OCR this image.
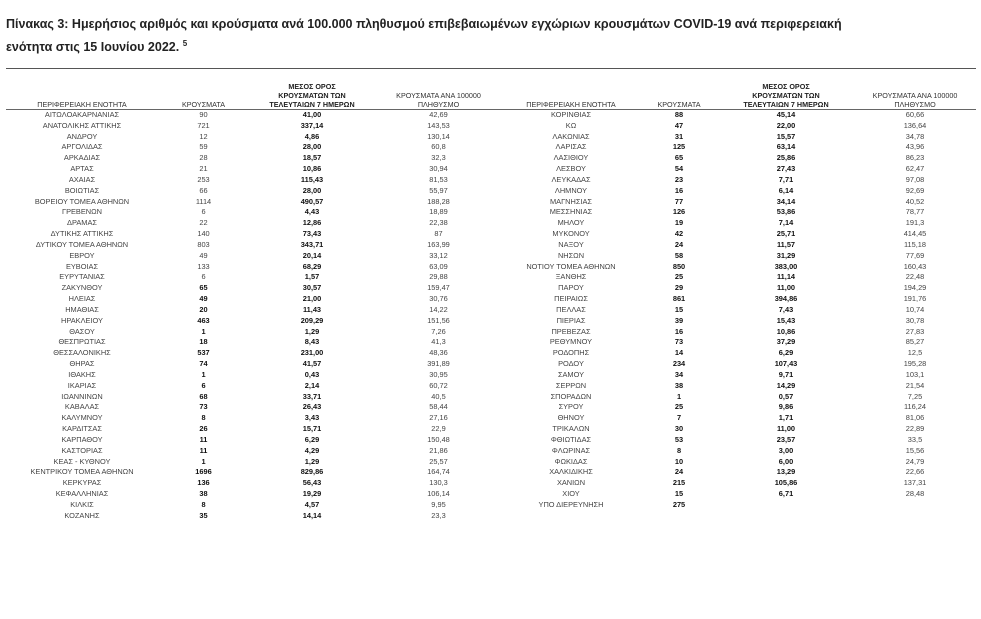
Πίνακας 3: Ημερήσιος αριθμός και κρούσματα ανά 100.000 πληθυσμού επιβεβαιωμένων εγχώριων κρουσμάτων COVID-19 ανά περιφερειακή
ενότητα στις 15 Ιουνίου 2022. $^5$
ΠΕΡΙΦΕΡΕΙΑΚΗ ΕΝΟΤΗΤΑ	ΚΡΟΥΣΜΑΤΑ	ΜΕΣΟΣ ΟΡΟΣ
ΚΡΟΥΣΜΑΤΩΝ ΤΩΝ
ΤΕΛΕΥΤΑΙΩΝ 7 ΗΜΕΡΩΝ	ΚΡΟΥΣΜΑΤΑ ΑΝΑ 100000
ΠΛΗΘΥΣΜΟ
ΑΙΤΩΛΟΑΚΑΡΝΑΝΙΑΣ	90	41,00	42,69
ΑΝΑΤΟΛΙΚΗΣ ΑΤΤΙΚΗΣ	721	337,14	143,53
ΑΝΔΡΟΥ	12	4,86	130,14
ΑΡΓΟΛΙΔΑΣ	59	28,00	60,8
ΑΡΚΑΔΙΑΣ	28	18,57	32,3
ΑΡΤΑΣ	21	10,86	30,94
ΑΧΑΙΑΣ	253	115,43	81,53
ΒΟΙΩΤΙΑΣ	66	28,00	55,97
ΒΟΡΕΙΟΥ ΤΟΜΕΑ ΑΘΗΝΩΝ	1114	490,57	188,28
ΓΡΕΒΕΝΩΝ	6	4,43	18,89
ΔΡΑΜΑΣ	22	12,86	22,38
ΔΥΤΙΚΗΣ ΑΤΤΙΚΗΣ	140	73,43	87
ΔΥΤΙΚΟΥ ΤΟΜΕΑ ΑΘΗΝΩΝ	803	343,71	163,99
ΕΒΡΟΥ	49	20,14	33,12
ΕΥΒΟΙΑΣ	133	68,29	63,09
ΕΥΡΥΤΑΝΙΑΣ	6	1,57	29,88
ΖΑΚΥΝΘΟΥ	65	30,57	159,47
ΗΛΕΙΑΣ	49	21,00	30,76
ΗΜΑΘΙΑΣ	20	11,43	14,22
ΗΡΑΚΛΕΙΟΥ	463	209,29	151,56
ΘΑΣΟΥ	1	1,29	7,26
ΘΕΣΠΡΩΤΙΑΣ	18	8,43	41,3
ΘΕΣΣΑΛΟΝΙΚΗΣ	537	231,00	48,36
ΘΗΡΑΣ	74	41,57	391,89
ΙΘΑΚΗΣ	1	0,43	30,95
ΙΚΑΡΙΑΣ	6	2,14	60,72
ΙΩΑΝΝΙΝΩΝ	68	33,71	40,5
ΚΑΒΑΛΑΣ	73	26,43	58,44
ΚΑΛΥΜΝΟΥ	8	3,43	27,16
ΚΑΡΔΙΤΣΑΣ	26	15,71	22,9
ΚΑΡΠΑΘΟΥ	11	6,29	150,48
ΚΑΣΤΟΡΙΑΣ	11	4,29	21,86
ΚΕΑΣ - ΚΥΘΝΟΥ	1	1,29	25,57
ΚΕΝΤΡΙΚΟΥ ΤΟΜΕΑ ΑΘΗΝΩΝ	1696	829,86	164,74
ΚΕΡΚΥΡΑΣ	136	56,43	130,3
ΚΕΦΑΛΛΗΝΙΑΣ	38	19,29	106,14
ΚΙΛΚΙΣ	8	4,57	9,95
ΚΟΖΑΝΗΣ	35	14,14	23,3
ΠΕΡΙΦΕΡΕΙΑΚΗ ΕΝΟΤΗΤΑ	ΚΡΟΥΣΜΑΤΑ	ΜΕΣΟΣ ΟΡΟΣ
ΚΡΟΥΣΜΑΤΩΝ ΤΩΝ
ΤΕΛΕΥΤΑΙΩΝ 7 ΗΜΕΡΩΝ	ΚΡΟΥΣΜΑΤΑ ΑΝΑ 100000
ΠΛΗΘΥΣΜΟ
ΚΟΡΙΝΘΙΑΣ	88	45,14	60,66
ΚΩ	47	22,00	136,64
ΛΑΚΩΝΙΑΣ	31	15,57	34,78
ΛΑΡΙΣΑΣ	125	63,14	43,96
ΛΑΣΙΘΙΟΥ	65	25,86	86,23
ΛΕΣΒΟΥ	54	27,43	62,47
ΛΕΥΚΑΔΑΣ	23	7,71	97,08
ΛΗΜΝΟΥ	16	6,14	92,69
ΜΑΓΝΗΣΙΑΣ	77	34,14	40,52
ΜΕΣΣΗΝΙΑΣ	126	53,86	78,77
ΜΗΛΟΥ	19	7,14	191,3
ΜΥΚΟΝΟΥ	42	25,71	414,45
ΝΑΞΟΥ	24	11,57	115,18
ΝΗΣΩΝ	58	31,29	77,69
ΝΟΤΙΟΥ ΤΟΜΕΑ ΑΘΗΝΩΝ	850	383,00	160,43
ΞΑΝΘΗΣ	25	11,14	22,48
ΠΑΡΟΥ	29	11,00	194,29
ΠΕΙΡΑΙΩΣ	861	394,86	191,76
ΠΕΛΛΑΣ	15	7,43	10,74
ΠΙΕΡΙΑΣ	39	15,43	30,78
ΠΡΕΒΕΖΑΣ	16	10,86	27,83
ΡΕΘΥΜΝΟΥ	73	37,29	85,27
ΡΟΔΟΠΗΣ	14	6,29	12,5
ΡΟΔΟΥ	234	107,43	195,28
ΣΑΜΟΥ	34	9,71	103,1
ΣΕΡΡΩΝ	38	14,29	21,54
ΣΠΟΡΑΔΩΝ	1	0,57	7,25
ΣΥΡΟΥ	25	9,86	116,24
ΘΗΝΟΥ	7	1,71	81,06
ΤΡΙΚΑΛΩΝ	30	11,00	22,89
ΦΘΙΩΤΙΔΑΣ	53	23,57	33,5
ΦΛΩΡΙΝΑΣ	8	3,00	15,56
ΦΩΚΙΔΑΣ	10	6,00	24,79
ΧΑΛΚΙΔΙΚΗΣ	24	13,29	22,66
ΧΑΝΙΩΝ	215	105,86	137,31
ΧΙΟΥ	15	6,71	28,48
ΥΠΟ ΔΙΕΡΕΥΝΗΣΗ	275		
